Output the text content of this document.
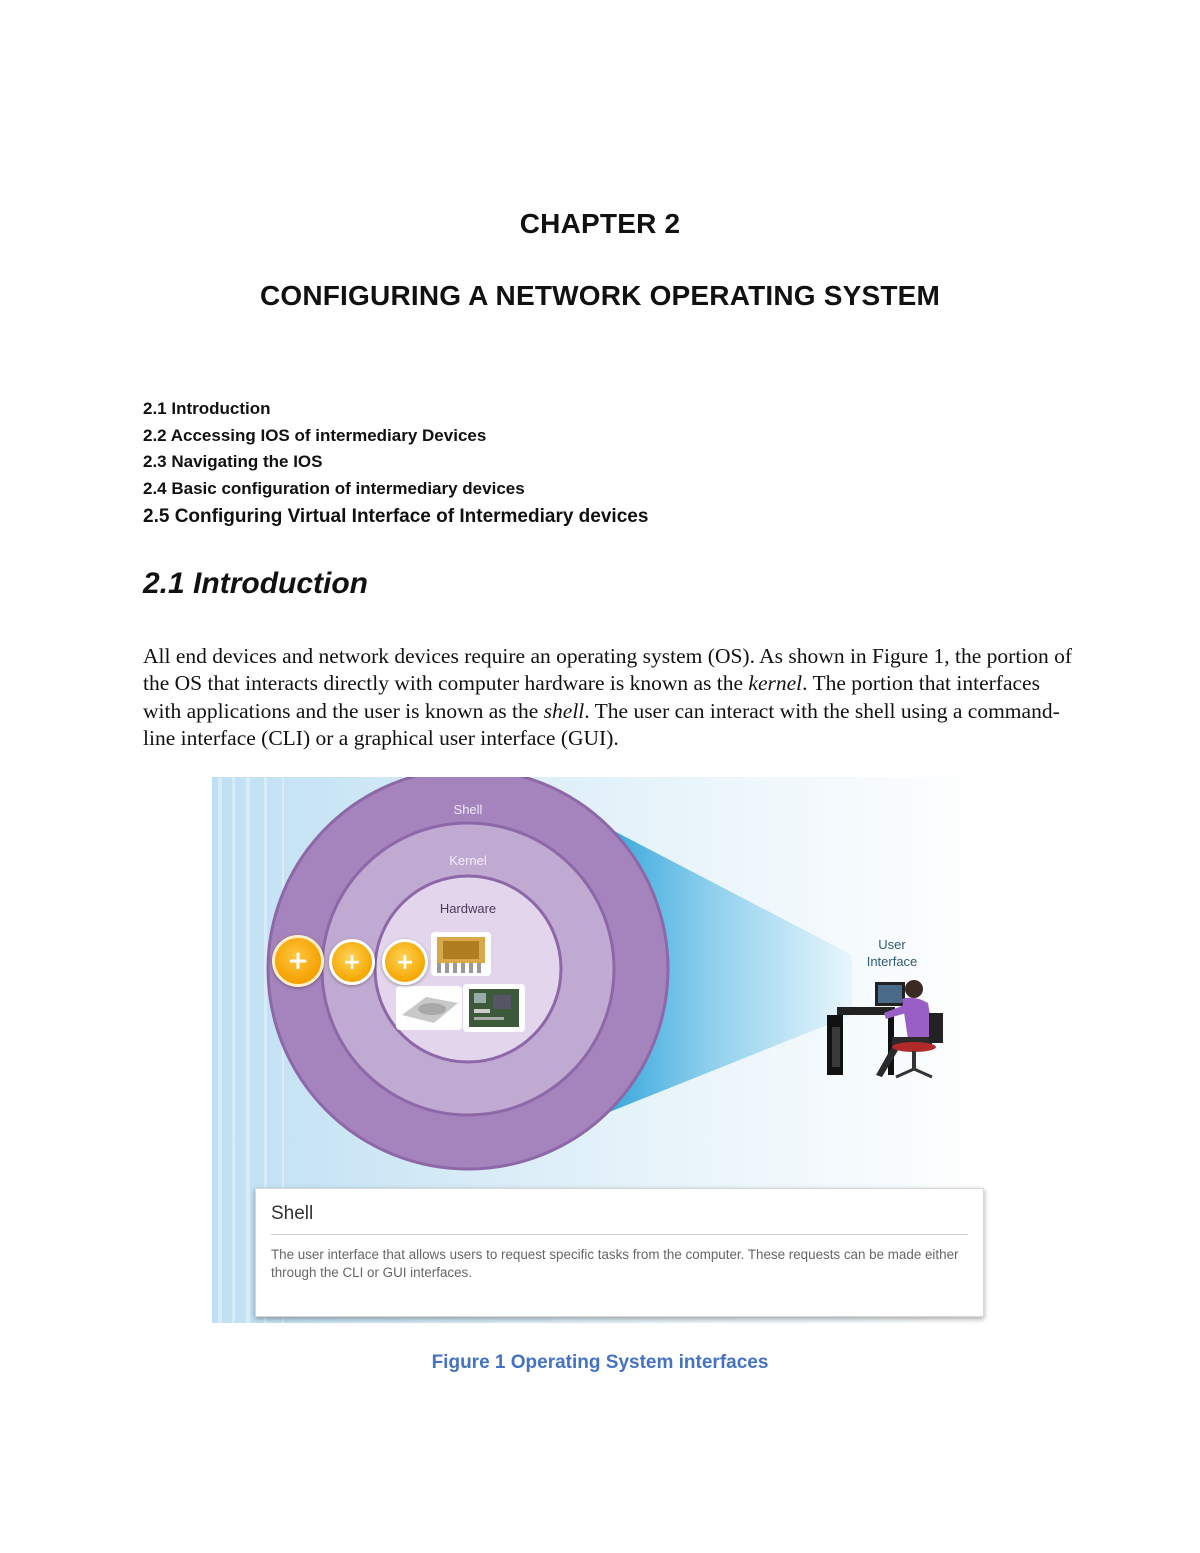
CHAPTER 2
CONFIGURING A NETWORK OPERATING SYSTEM
2.1 Introduction
2.2 Accessing IOS of intermediary Devices
2.3 Navigating the IOS
2.4 Basic configuration of intermediary devices
2.5 Configuring Virtual Interface of Intermediary devices
2.1 Introduction

All end devices and network devices require an operating system (OS). As shown in Figure 1, the portion of the OS that interacts directly with computer hardware is known as the kernel. The portion that interfaces with applications and the user is known as the shell. The user can interact with the shell using a command-line interface (CLI) or a graphical user interface (GUI).

Shell
Kernel
Hardware
User
Interface
+	+	+
Shell

The user interface that allows users to request specific tasks from the computer. These requests can be made either through the CLI or GUI interfaces.

Figure 1 Operating System interfaces
